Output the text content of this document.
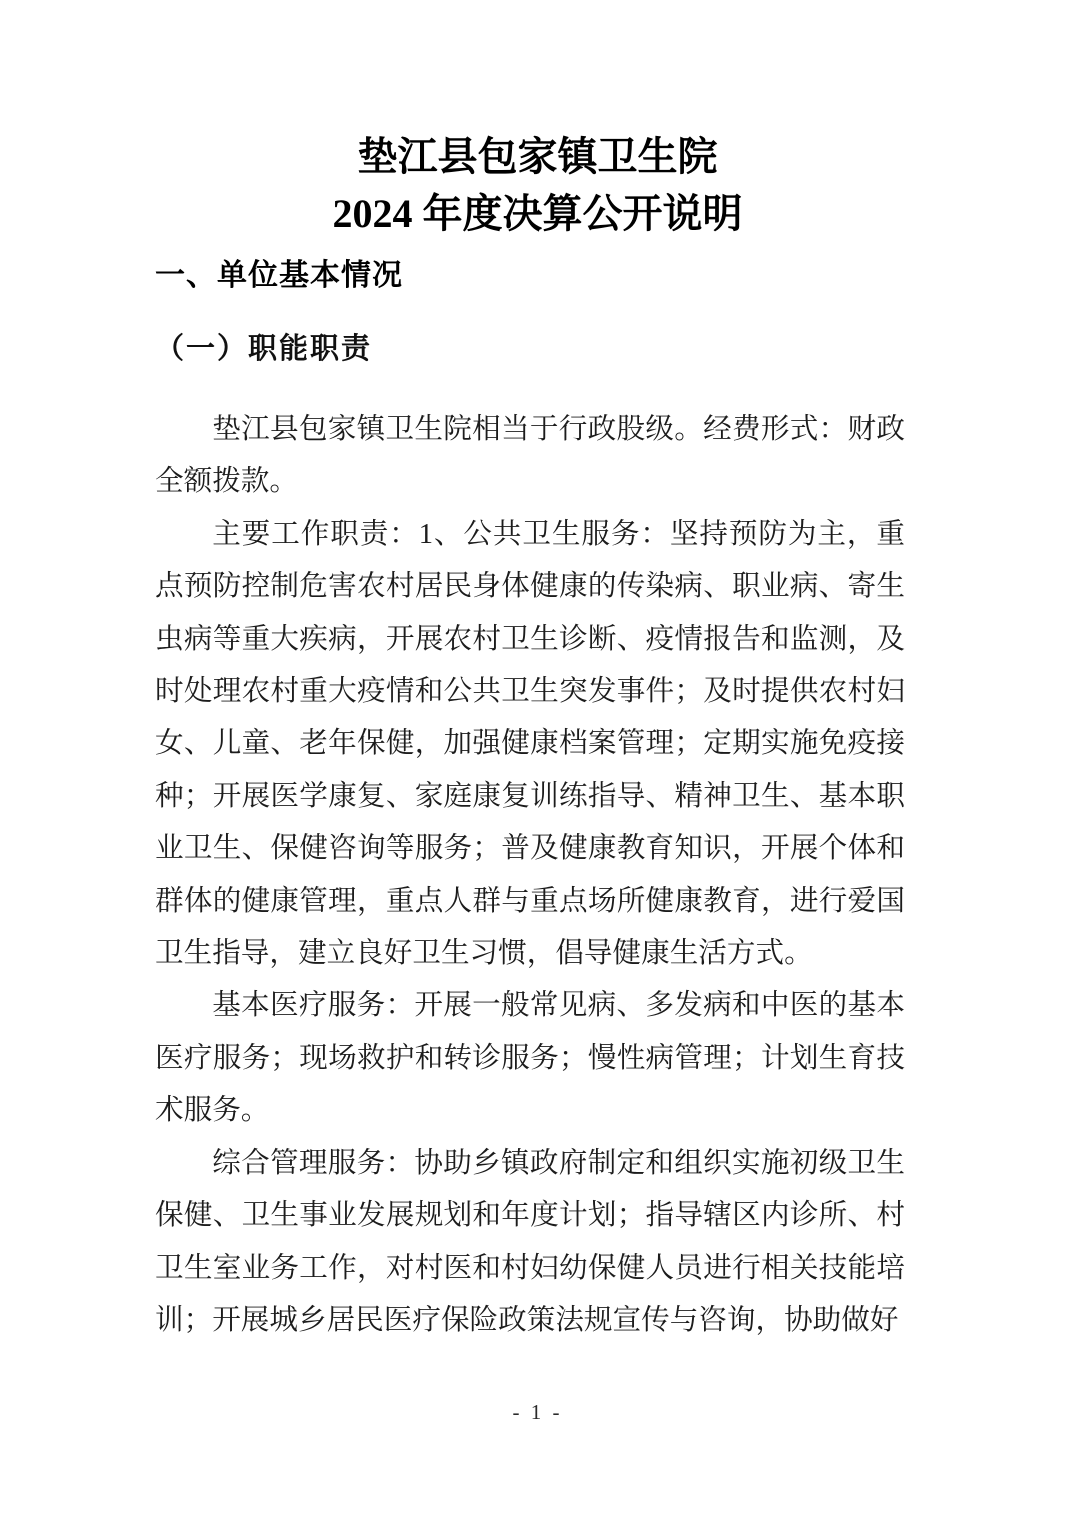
垫江县包家镇卫生院
2024 年度决算公开说明
一、单位基本情况
（一）职能职责

垫江县包家镇卫生院相当于行政股级。经费形式：财政全额拨款。

主要工作职责：1、公共卫生服务：坚持预防为主，重点预防控制危害农村居民身体健康的传染病、职业病、寄生虫病等重大疾病，开展农村卫生诊断、疫情报告和监测，及时处理农村重大疫情和公共卫生突发事件；及时提供农村妇女、儿童、老年保健，加强健康档案管理；定期实施免疫接种；开展医学康复、家庭康复训练指导、精神卫生、基本职业卫生、保健咨询等服务；普及健康教育知识，开展个体和群体的健康管理，重点人群与重点场所健康教育，进行爱国卫生指导，建立良好卫生习惯，倡导健康生活方式。

基本医疗服务：开展一般常见病、多发病和中医的基本医疗服务；现场救护和转诊服务；慢性病管理；计划生育技术服务。

综合管理服务：协助乡镇政府制定和组织实施初级卫生保健、卫生事业发展规划和年度计划；指导辖区内诊所、村卫生室业务工作，对村医和村妇幼保健人员进行相关技能培训；开展城乡居民医疗保险政策法规宣传与咨询，协助做好

- 1 -
